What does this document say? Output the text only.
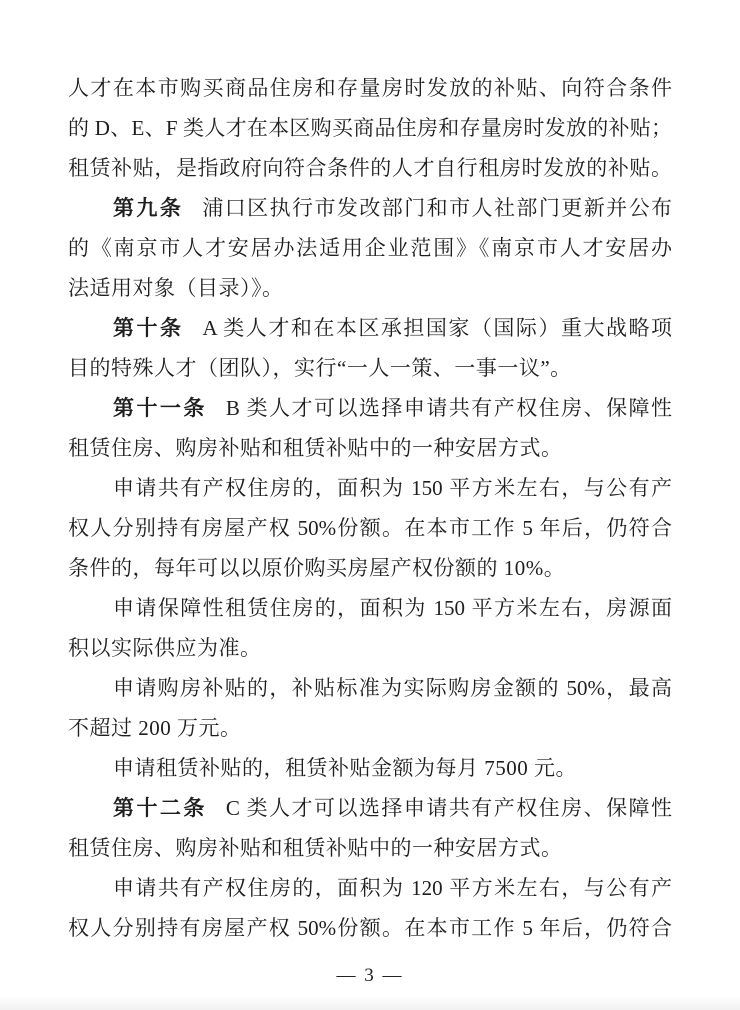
人才在本市购买商品住房和存量房时发放的补贴、向符合条件
的 D、E、F 类人才在本区购买商品住房和存量房时发放的补贴；
租赁补贴，是指政府向符合条件的人才自行租房时发放的补贴。
第九条 浦口区执行市发改部门和市人社部门更新并公布
的《南京市人才安居办法适用企业范围》《南京市人才安居办
法适用对象（目录）》。
第十条 A 类人才和在本区承担国家（国际）重大战略项
目的特殊人才（团队），实行“一人一策、一事一议”。
第十一条 B 类人才可以选择申请共有产权住房、保障性
租赁住房、购房补贴和租赁补贴中的一种安居方式。
申请共有产权住房的，面积为 150 平方米左右，与公有产
权人分别持有房屋产权 50%份额。在本市工作 5 年后，仍符合
条件的，每年可以以原价购买房屋产权份额的 10%。
申请保障性租赁住房的，面积为 150 平方米左右，房源面
积以实际供应为准。
申请购房补贴的，补贴标准为实际购房金额的 50%，最高
不超过 200 万元。
申请租赁补贴的，租赁补贴金额为每月 7500 元。
第十二条 C 类人才可以选择申请共有产权住房、保障性
租赁住房、购房补贴和租赁补贴中的一种安居方式。
申请共有产权住房的，面积为 120 平方米左右，与公有产
权人分别持有房屋产权 50%份额。在本市工作 5 年后，仍符合
— 3 —
